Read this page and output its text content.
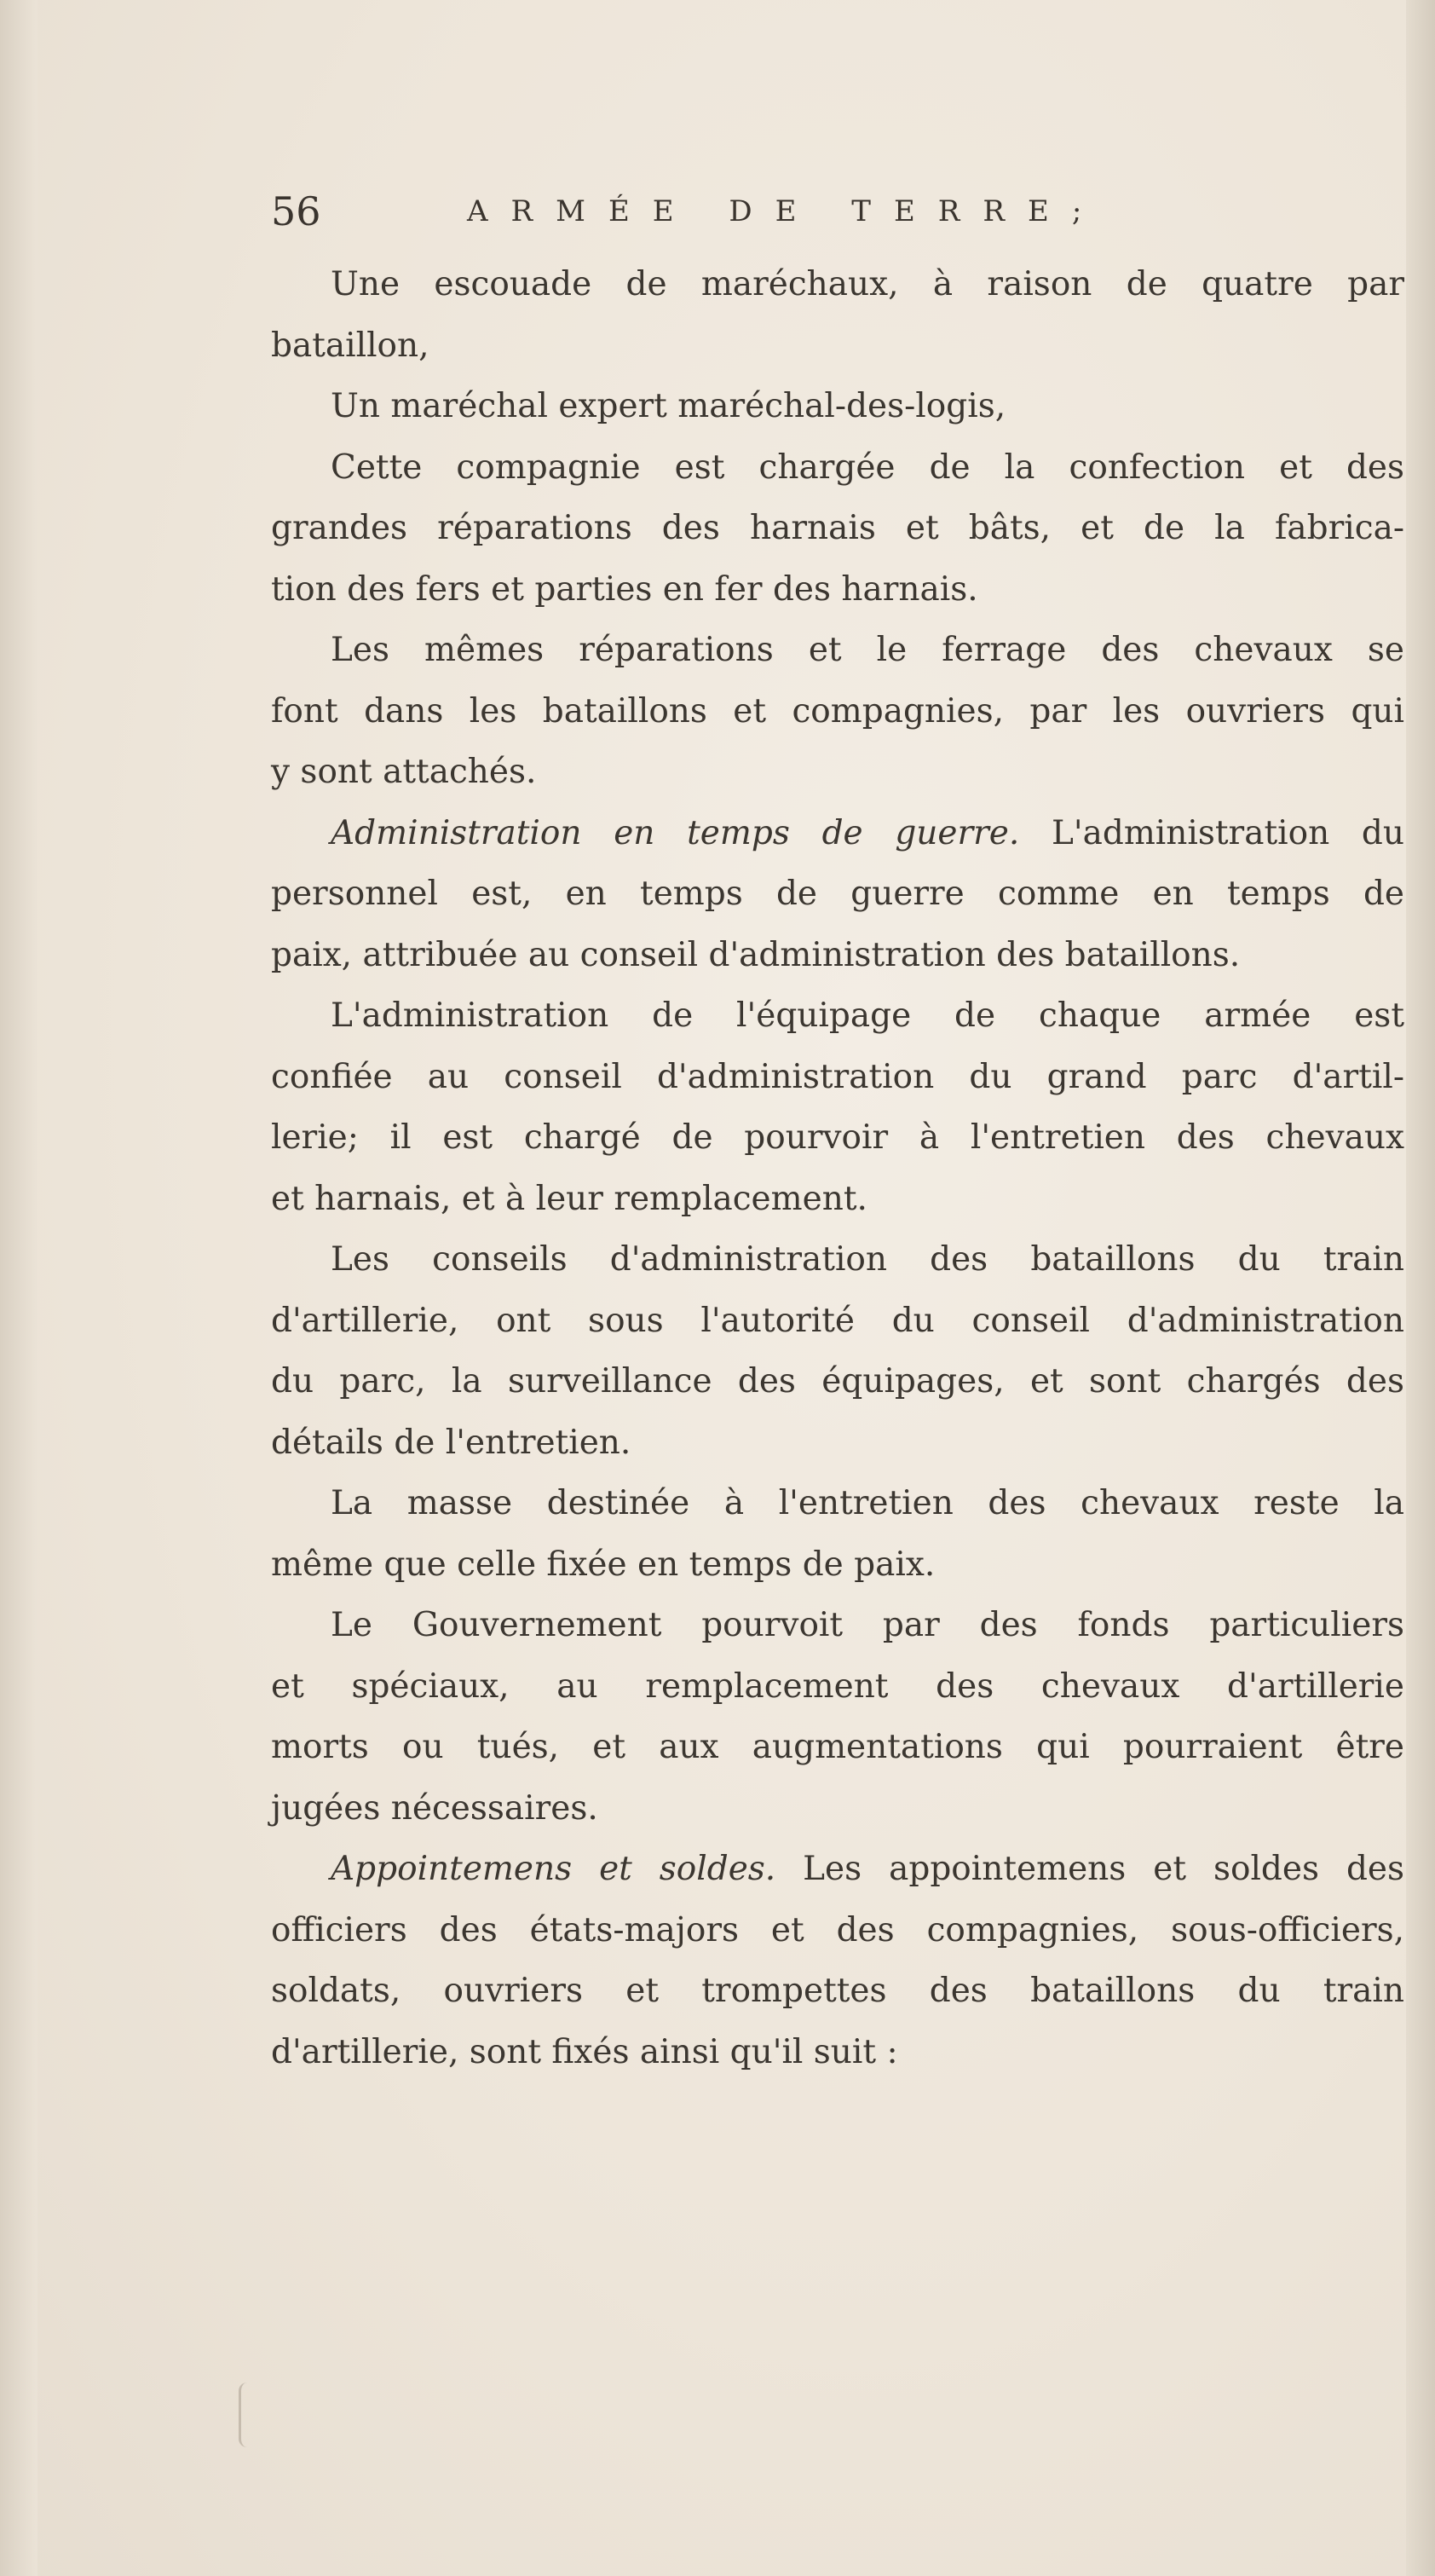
56	ARMÉE DE TERRE;
Une escouade de maréchaux, à raison de quatre par
bataillon,
Un maréchal expert maréchal-des-logis,
Cette compagnie est chargée de la confection et des
grandes réparations des harnais et bâts, et de la fabrica-
tion des fers et parties en fer des harnais.
Les mêmes réparations et le ferrage des chevaux se
font dans les bataillons et compagnies, par les ouvriers qui
y sont attachés.
Administration en temps de guerre. L'administration du
personnel est, en temps de guerre comme en temps de
paix, attribuée au conseil d'administration des bataillons.
L'administration de l'équipage de chaque armée est
confiée au conseil d'administration du grand parc d'artil-
lerie; il est chargé de pourvoir à l'entretien des chevaux
et harnais, et à leur remplacement.
Les conseils d'administration des bataillons du train
d'artillerie, ont sous l'autorité du conseil d'administration
du parc, la surveillance des équipages, et sont chargés des
détails de l'entretien.
La masse destinée à l'entretien des chevaux reste la
même que celle fixée en temps de paix.
Le Gouvernement pourvoit par des fonds particuliers
et spéciaux, au remplacement des chevaux d'artillerie
morts ou tués, et aux augmentations qui pourraient être
jugées nécessaires.
Appointemens et soldes. Les appointemens et soldes des
officiers des états-majors et des compagnies, sous-officiers,
soldats, ouvriers et trompettes des bataillons du train
d'artillerie, sont fixés ainsi qu'il suit :
